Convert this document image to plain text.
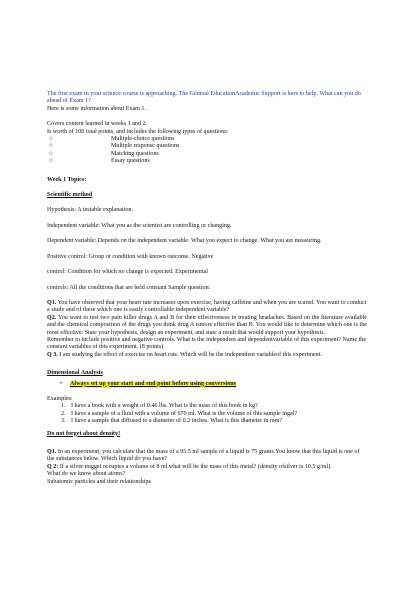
The first exam in your science course is approaching. The General EducationAcademic Support is here to help. What can you do ahead of Exam 1?

Here is some information about Exam 1.

Covers content learned in weeks 1 and 2.

Is worth of 100 total points, and includes the following types of questions:

○	Multiple-choice questions
○	Multiple response questions
○	Matching questions
○	Essay questions

Week 1 Topics:

Scientific method

Hypothesis: A testable explanation.

Independent variable: What you as the scientist are controlling or changing.

Dependent variable: Depends on the independent variable. What you expect to change. What you are measuring.

Positive control: Group or condition with known outcome. Negative

control: Condition for which no change is expected. Experimental

controls: All the conditions that are held constant Sample question:

Q1. You have observed that your heart rate increases upon exercise, having caffeine and when you are scared. You want to conduct a study and of these which one is easily controllable independent variable?

Q2. You want to test two pain killer drugs A and B for their effectiveness in treating headaches. Based on the literature available and the chemical composition of the drugs you think drug A ismore effective than B. You would like to determine which one is the most effective. State your hypothesis, design an experiment, and state a result that would support your hypothesis.

Remember to include positive and negative controls. What is the independent and dependentvariable of this experiment? Name the constant variables of this experiment. (8 points)

Q 3. I am studying the effect of exercise on heart rate. Which will be the independent variableof this experiment.

Dimensional Analysis

•	Always set up your start and end point before using conversions

Examples:

1. I have a book with a weight of 0.46 lbs. What is the mass of this book in kg?
2. I have a sample of a fluid with a volume of 670 ml. What is the volume of this sample ingal?
3. I have a sample that diffused to a diameter of 0.2 inches. What is this diameter in mm?

Do not forget about density!

Q1. In an experiment, you calculate that the mass of a 95.5 ml sample of a liquid is 75 grams.You know that this liquid is one of the substances below. Which liquid do you have?

Q 2: If a silver nugget occupies a volume of 8 ml what will be the mass of this metal? (density ofsilver is 10.5 g/ml).

What do we know about atoms?

Subatomic particles and their relationships
